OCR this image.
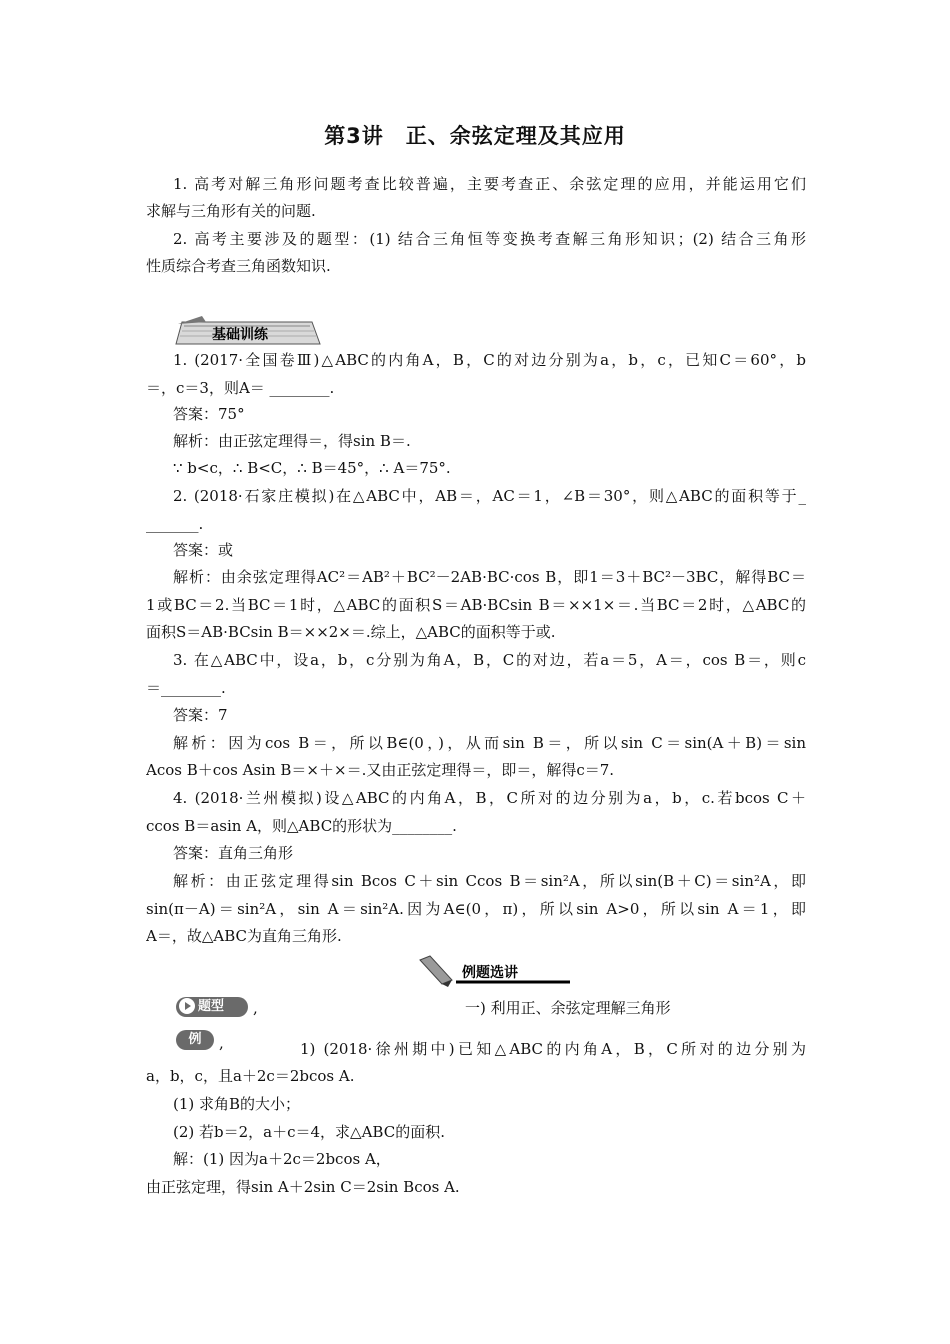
第3讲　正、余弦定理及其应用
1. 高考对解三角形问题考查比较普遍，主要考查正、余弦定理的应用，并能运用它们
求解与三角形有关的问题.
2. 高考主要涉及的题型：(1) 结合三角恒等变换考查解三角形知识；(2) 结合三角形
性质综合考查三角函数知识.
基础训练
1. (2017·全国卷Ⅲ)△ABC的内角A，B，C的对边分别为a，b，c，已知C＝60°，b
＝，c＝3，则A＝ ________.
答案：75°
解析：由正弦定理得＝，得sin B＝.
∵ b<c，∴ B<C，∴ B＝45°，∴ A＝75°.
2. (2018·石家庄模拟)在△ABC中，AB＝，AC＝1，∠B＝30°，则△ABC的面积等于_
_______.
答案：或
解析：由余弦定理得AC²＝AB²＋BC²－2AB·BC·cos B，即1＝3＋BC²－3BC，解得BC＝
1或BC＝2.当BC＝1时，△ABC的面积S＝AB·BCsin B＝××1×＝.当BC＝2时，△ABC的
面积S＝AB·BCsin B＝××2×＝.综上，△ABC的面积等于或.
3. 在△ABC中，设a，b，c分别为角A，B，C的对边，若a＝5，A＝，cos B＝，则c
＝________.
答案：7
解析：因为cos B＝，所以B∈(0，)，从而sin B＝，所以sin C＝sin(A＋B)＝sin
Acos B＋cos Asin B＝×＋×＝.又由正弦定理得＝，即＝，解得c＝7.
4. (2018·兰州模拟)设△ABC的内角A，B，C所对的边分别为a，b，c.若bcos C＋
ccos B＝asin A，则△ABC的形状为________.
答案：直角三角形
解析：由正弦定理得sin Bcos C＋sin Ccos B＝sin²A，所以sin(B＋C)＝sin²A，即
sin(π－A)＝sin²A，sin A＝sin²A.因为A∈(0，π)，所以sin A>0，所以sin A＝1，即
A＝，故△ABC为直角三角形.
例题选讲
题型	,	一) 利用正、余弦定理解三角形
例	,	1) (2018·徐州期中)已知△ABC的内角A，B，C所对的边分别为
a，b，c，且a＋2c＝2bcos A.
(1) 求角B的大小；
(2) 若b＝2，a＋c＝4，求△ABC的面积.
解：(1) 因为a＋2c＝2bcos A，
由正弦定理，得sin A＋2sin C＝2sin Bcos A.
